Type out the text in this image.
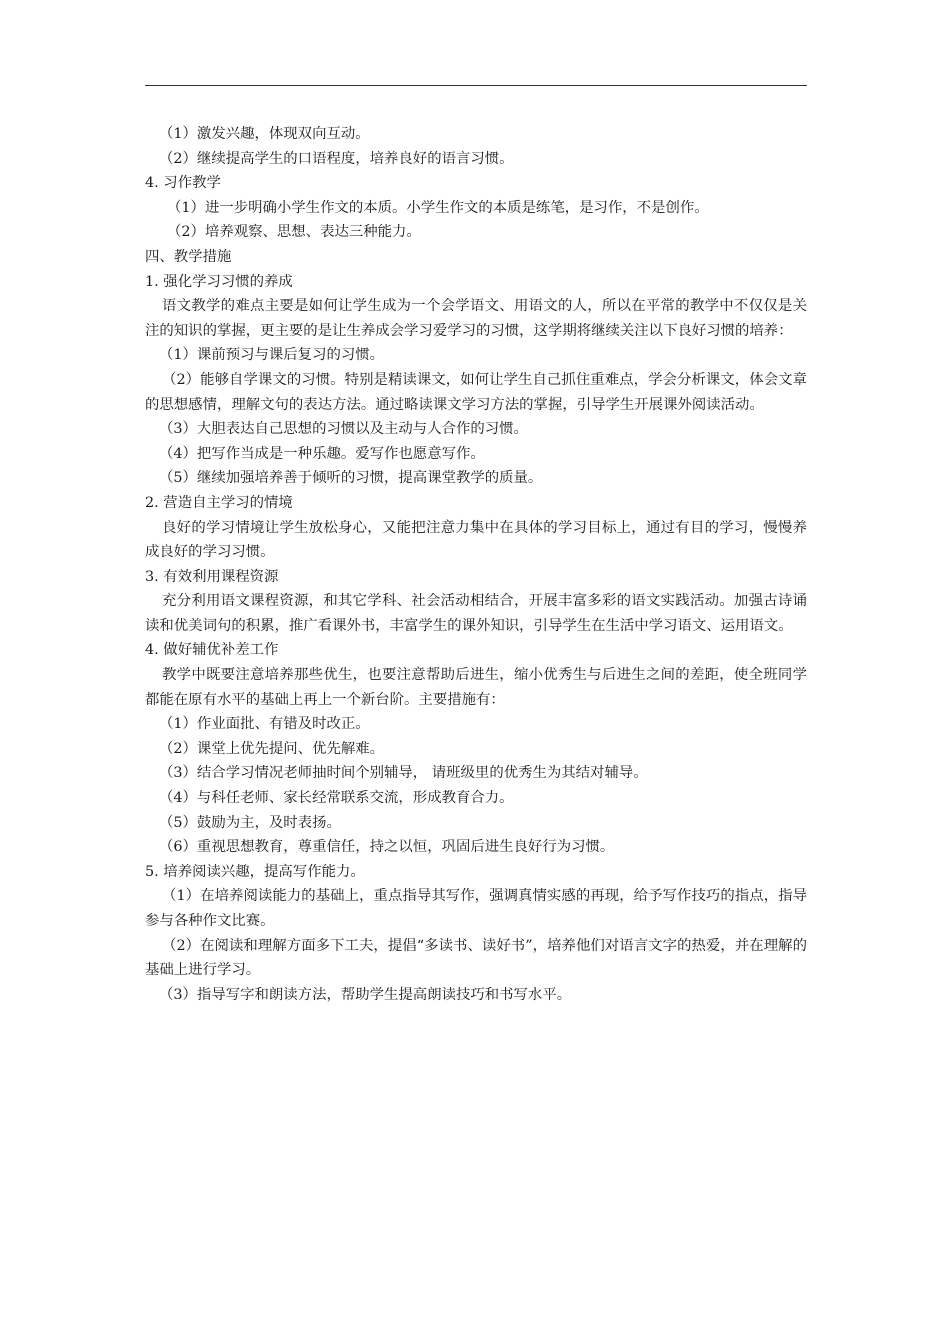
（1）激发兴趣，体现双向互动。

（2）继续提高学生的口语程度，培养良好的语言习惯。

4. 习作教学

（1）进一步明确小学生作文的本质。小学生作文的本质是练笔，是习作，不是创作。

（2）培养观察、思想、表达三种能力。

四、教学措施

1. 强化学习习惯的养成

语文教学的难点主要是如何让学生成为一个会学语文、用语文的人，所以在平常的教学中不仅仅是关注的知识的掌握，更主要的是让生养成会学习爱学习的习惯，这学期将继续关注以下良好习惯的培养：

（1）课前预习与课后复习的习惯。

（2）能够自学课文的习惯。特别是精读课文，如何让学生自己抓住重难点，学会分析课文，体会文章的思想感情，理解文句的表达方法。通过略读课文学习方法的掌握，引导学生开展课外阅读活动。

（3）大胆表达自己思想的习惯以及主动与人合作的习惯。

（4）把写作当成是一种乐趣。爱写作也愿意写作。

（5）继续加强培养善于倾听的习惯，提高课堂教学的质量。

2. 营造自主学习的情境

良好的学习情境让学生放松身心，又能把注意力集中在具体的学习目标上，通过有目的学习，慢慢养成良好的学习习惯。

3. 有效利用课程资源

充分利用语文课程资源，和其它学科、社会活动相结合，开展丰富多彩的语文实践活动。加强古诗诵读和优美词句的积累，推广看课外书，丰富学生的课外知识，引导学生在生活中学习语文、运用语文。

4. 做好辅优补差工作

教学中既要注意培养那些优生，也要注意帮助后进生，缩小优秀生与后进生之间的差距，使全班同学都能在原有水平的基础上再上一个新台阶。主要措施有：

（1）作业面批、有错及时改正。

（2）课堂上优先提问、优先解难。

（3）结合学习情况老师抽时间个别辅导， 请班级里的优秀生为其结对辅导。

（4）与科任老师、家长经常联系交流，形成教育合力。

（5）鼓励为主，及时表扬。

（6）重视思想教育，尊重信任，持之以恒，巩固后进生良好行为习惯。

5. 培养阅读兴趣，提高写作能力。

（1）在培养阅读能力的基础上，重点指导其写作，强调真情实感的再现，给予写作技巧的指点，指导参与各种作文比赛。

（2）在阅读和理解方面多下工夫，提倡“多读书、读好书”，培养他们对语言文字的热爱，并在理解的基础上进行学习。

（3）指导写字和朗读方法，帮助学生提高朗读技巧和书写水平。
